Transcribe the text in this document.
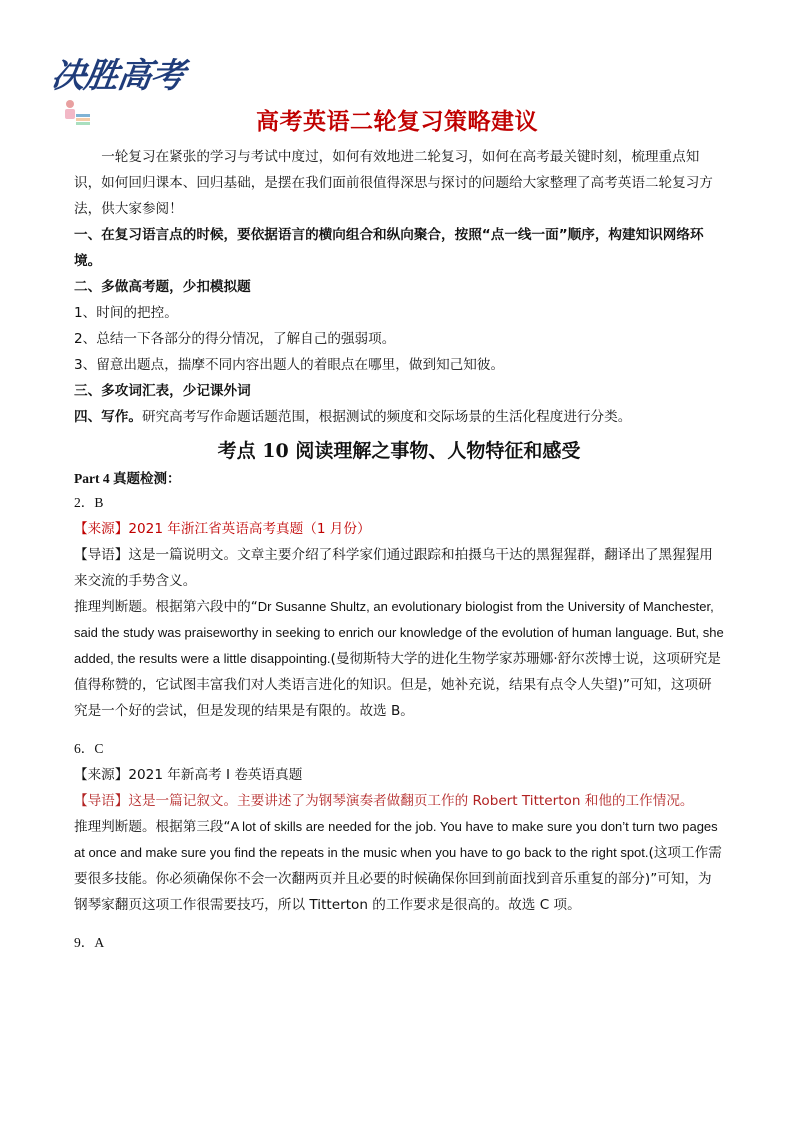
决胜高考
高考英语二轮复习策略建议

一轮复习在紧张的学习与考试中度过，如何有效地进二轮复习，如何在高考最关键时刻，梳理重点知识，如何回归课本、回归基础，是摆在我们面前很值得深思与探讨的问题给大家整理了高考英语二轮复习方法，供大家参阅！

一、在复习语言点的时候，要依据语言的横向组合和纵向聚合，按照“点一线一面”顺序，构建知识网络环境。

二、多做高考题，少扣模拟题

1、时间的把控。

2、总结一下各部分的得分情况，了解自己的强弱项。

3、留意出题点，揣摩不同内容出题人的着眼点在哪里，做到知己知彼。

三、多攻词汇表，少记课外词

四、写作。研究高考写作命题话题范围，根据测试的频度和交际场景的生活化程度进行分类。

考点 10 阅读理解之事物、人物特征和感受

Part 4 真题检测：

2．B

【来源】2021 年浙江省英语高考真题（1 月份）

【导语】这是一篇说明文。文章主要介绍了科学家们通过跟踪和拍摄乌干达的黑猩猩群，翻译出了黑猩猩用来交流的手势含义。

推理判断题。根据第六段中的“Dr Susanne Shultz, an evolutionary biologist from the University of Manchester, said the study was praiseworthy in seeking to enrich our knowledge of the evolution of human language. But, she added, the results were a little disappointing.(曼彻斯特大学的进化生物学家苏珊娜·舒尔茨博士说，这项研究是值得称赞的，它试图丰富我们对人类语言进化的知识。但是，她补充说，结果有点令人失望)”可知，这项研究是一个好的尝试，但是发现的结果是有限的。故选 B。

6．C

【来源】2021 年新高考 I 卷英语真题

【导语】这是一篇记叙文。主要讲述了为钢琴演奏者做翻页工作的 Robert Titterton 和他的工作情况。

推理判断题。根据第三段“A lot of skills are needed for the job. You have to make sure you don’t turn two pages at once and make sure you find the repeats in the music when you have to go back to the right spot.(这项工作需要很多技能。你必须确保你不会一次翻两页并且必要的时候确保你回到前面找到音乐重复的部分)”可知，为钢琴家翻页这项工作很需要技巧，所以 Titterton 的工作要求是很高的。故选 C 项。

9．A
